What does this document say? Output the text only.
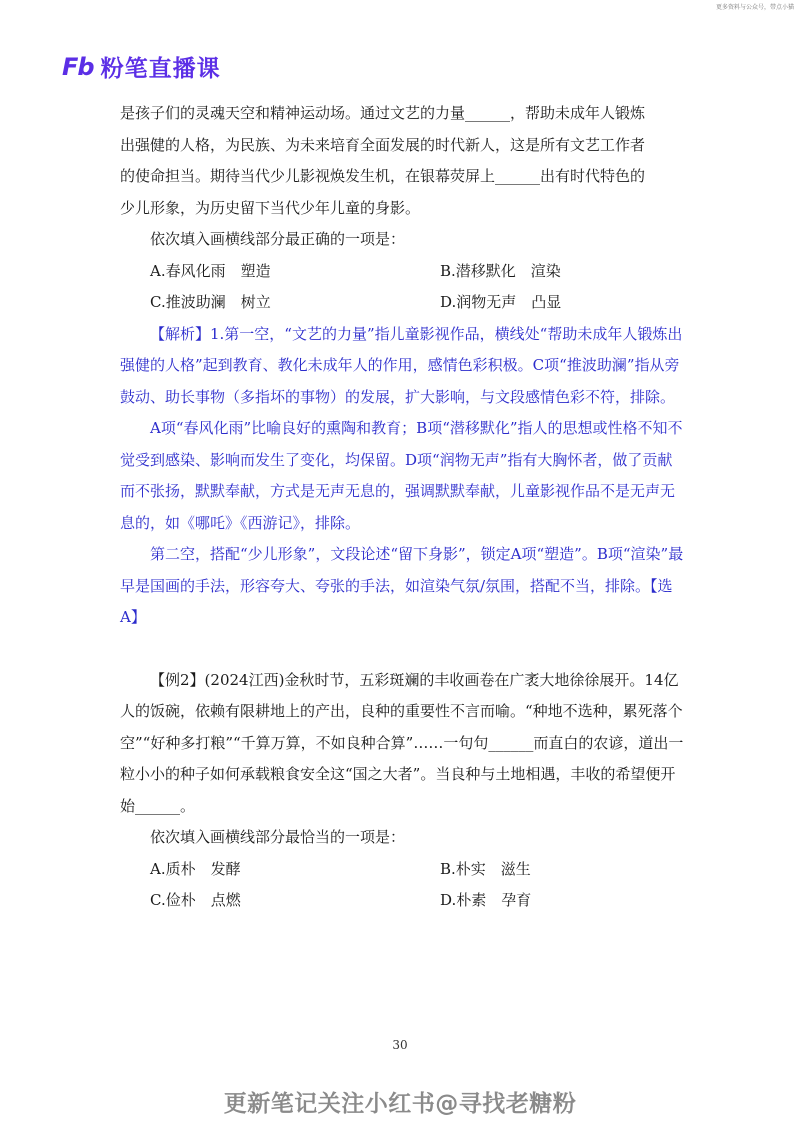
更多资料与公众号，带点小猫
Fb 粉笔直播课

是孩子们的灵魂天空和精神运动场。通过文艺的力量______，帮助未成年人锻炼

出强健的人格，为民族、为未来培育全面发展的时代新人，这是所有文艺工作者

的使命担当。期待当代少儿影视焕发生机，在银幕荧屏上______出有时代特色的

少儿形象，为历史留下当代少年儿童的身影。

依次填入画横线部分最正确的一项是：

A.春风化雨　塑造	B.潜移默化　渲染
C.推波助澜　树立	D.润物无声　凸显

【解析】1.第一空，“文艺的力量”指儿童影视作品，横线处“帮助未成年人锻炼出强健的人格”起到教育、教化未成年人的作用，感情色彩积极。C项“推波助澜”指从旁鼓动、助长事物（多指坏的事物）的发展，扩大影响，与文段感情色彩不符，排除。

A项“春风化雨”比喻良好的熏陶和教育；B项“潜移默化”指人的思想或性格不知不觉受到感染、影响而发生了变化，均保留。D项“润物无声”指有大胸怀者，做了贡献而不张扬，默默奉献，方式是无声无息的，强调默默奉献，儿童影视作品不是无声无息的，如《哪吒》《西游记》，排除。

第二空，搭配“少儿形象”，文段论述“留下身影”，锁定A项“塑造”。B项“渲染”最早是国画的手法，形容夸大、夸张的手法，如渲染气氛/氛围，搭配不当，排除。【选A】

【例2】(2024江西)金秋时节，五彩斑斓的丰收画卷在广袤大地徐徐展开。14亿人的饭碗，依赖有限耕地上的产出，良种的重要性不言而喻。“种地不选种，累死落个空”“好种多打粮”“千算万算，不如良种合算”……一句句______而直白的农谚，道出一粒小小的种子如何承载粮食安全这“国之大者”。当良种与土地相遇，丰收的希望便开始______。

依次填入画横线部分最恰当的一项是：

A.质朴　发酵	B.朴实　滋生
C.俭朴　点燃	D.朴素　孕育
30
更新笔记关注小红书@寻找老糖粉
